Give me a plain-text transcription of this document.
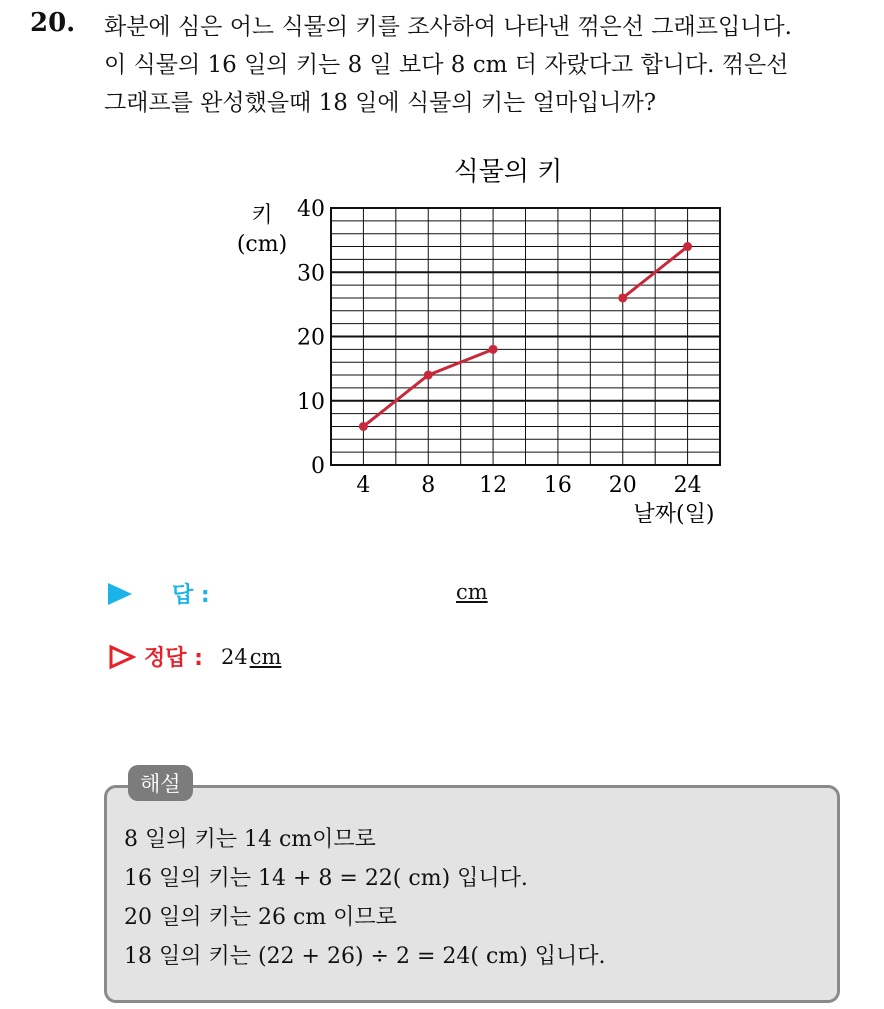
20. 화분에 심은 어느 식물의 키를 조사하여 나타낸 꺾은선 그래프입니다.
이 식물의 16 일의 키는 8 일 보다 8 cm 더 자랐다고 합니다. 꺾은선
그래프를 완성했을때 18 일에 식물의 키는 얼마입니까?
식물의 키
키
(cm)
날짜(일)
0
10
20
30
40
4 8 12 16 20 24
답 :	cm
정답 : 24cm
해설
8 일의 키는 14 cm이므로
16 일의 키는 14 + 8 = 22( cm) 입니다.
20 일의 키는 26 cm 이므로
18 일의 키는 (22 + 26) ÷ 2 = 24( cm) 입니다.
